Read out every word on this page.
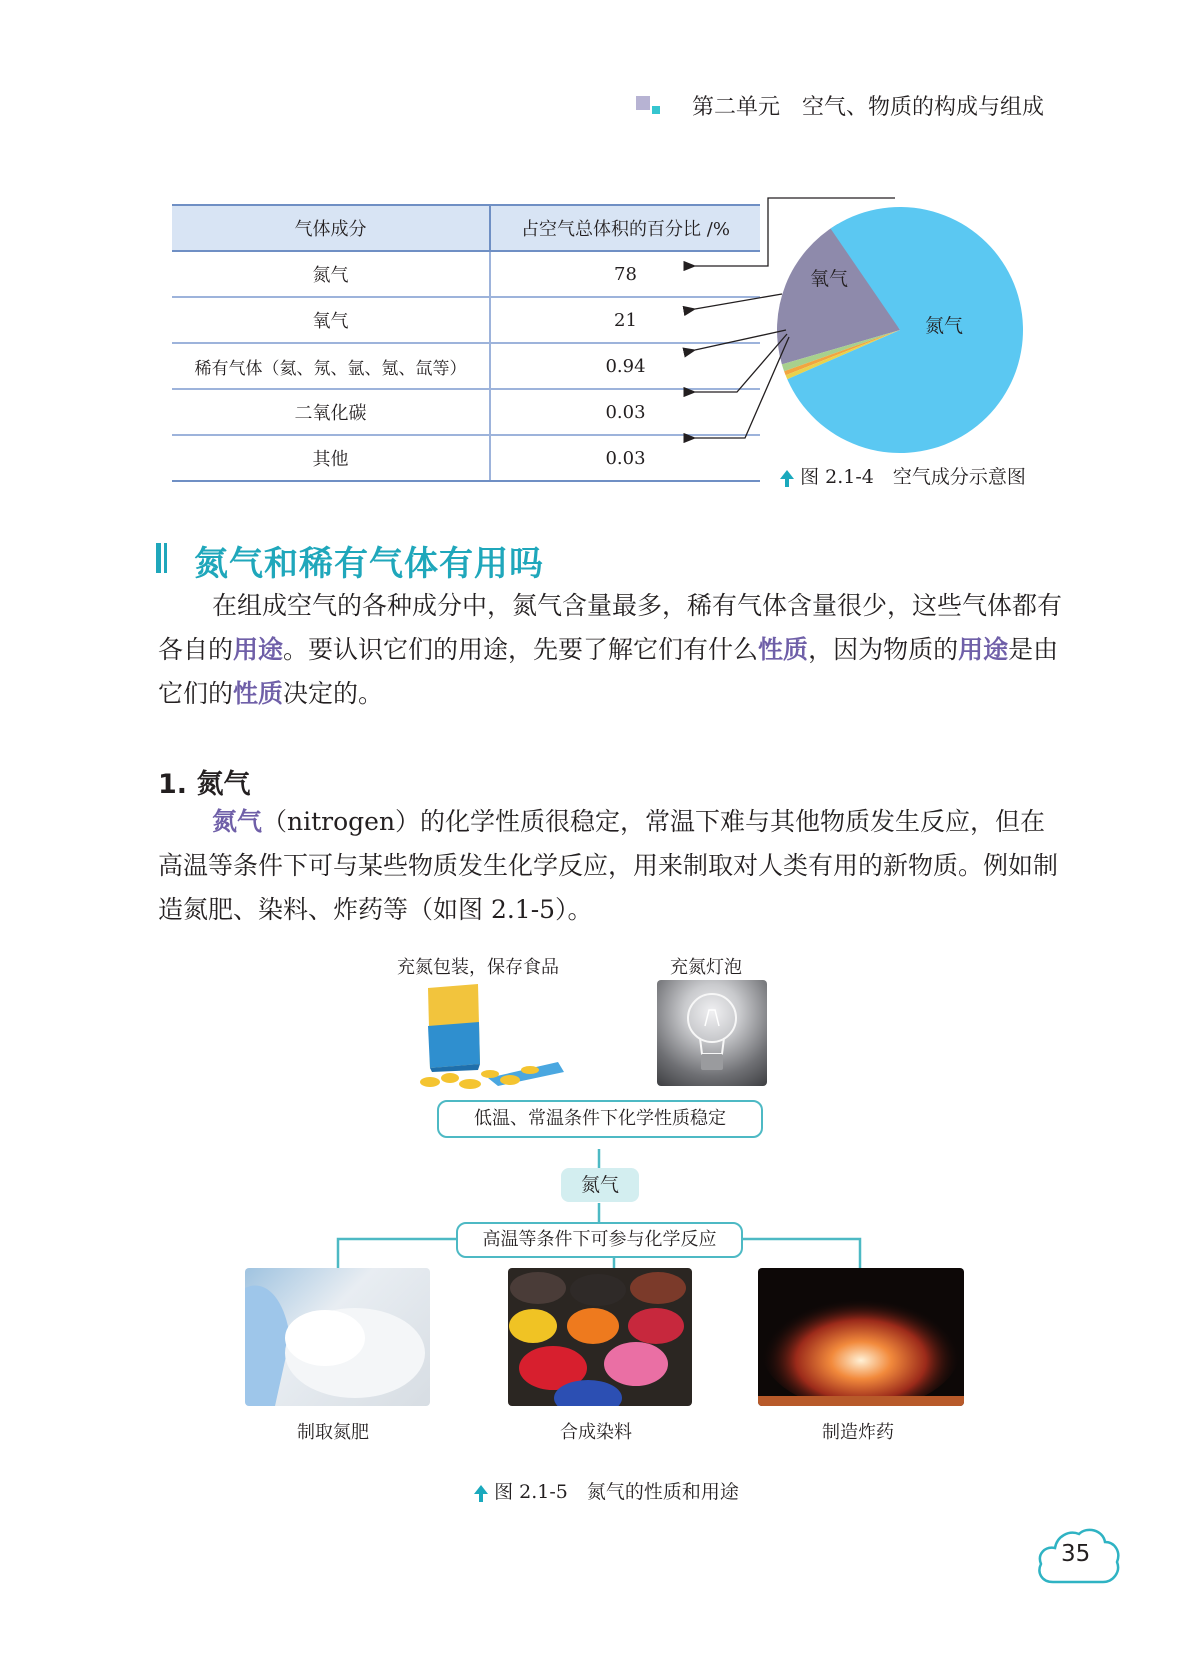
第二单元　空气、物质的构成与组成
气体成分	占空气总体积的百分比 /%
氮气	78
氧气	21
稀有气体（氦、氖、氩、氪、氙等）	0.94
二氧化碳	0.03
其他	0.03
氧气
氮气

图 2.1-4　空气成分示意图

氮气和稀有气体有用吗

在组成空气的各种成分中，氮气含量最多，稀有气体含量很少，这些气体都有各自的用途。要认识它们的用途，先要了解它们有什么性质，因为物质的用途是由它们的性质决定的。

1. 氮气

氮气（nitrogen）的化学性质很稳定，常温下难与其他物质发生反应，但在高温等条件下可与某些物质发生化学反应，用来制取对人类有用的新物质。例如制造氮肥、染料、炸药等（如图 2.1-5）。

充氮包装，保存食品	充氮灯泡
低温、常温条件下化学性质稳定
氮气
高温等条件下可参与化学反应
制取氮肥	合成染料	制造炸药

图 2.1-5　氮气的性质和用途

35
